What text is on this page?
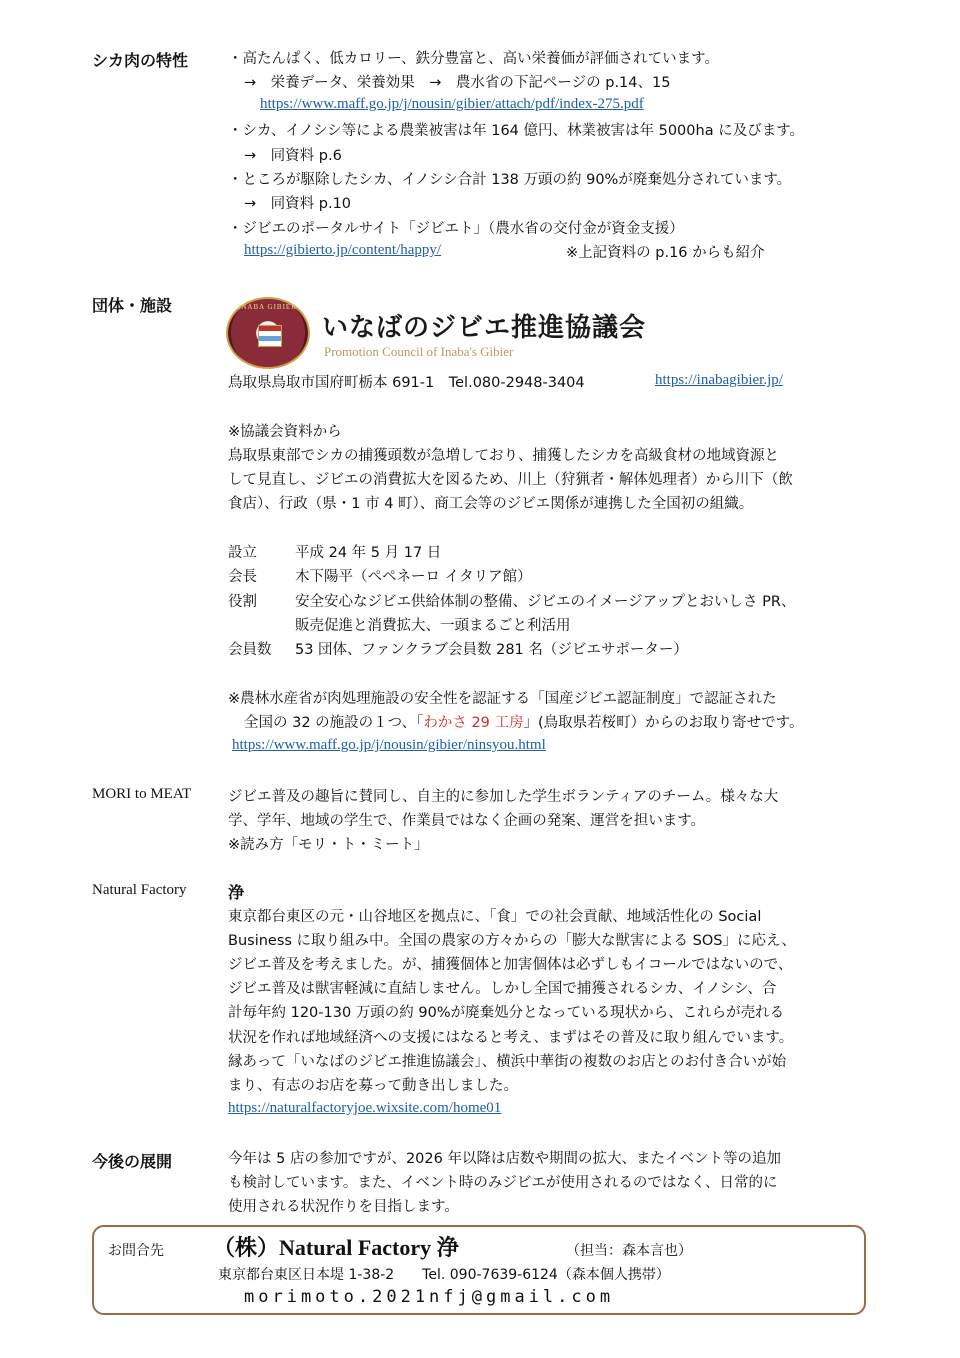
シカ肉の特性	・高たんぱく、低カロリー、鉄分豊富と、高い栄養価が評価されています。
→　栄養データ、栄養効果　→　農水省の下記ページの p.14、15
https://www.maff.go.jp/j/nousin/gibier/attach/pdf/index-275.pdf
・シカ、イノシシ等による農業被害は年 164 億円、林業被害は年 5000ha に及びます。
→　同資料 p.6
・ところが駆除したシカ、イノシシ合計 138 万頭の約 90%が廃棄処分されています。
→　同資料 p.10
・ジビエのポータルサイト「ジビエト」（農水省の交付金が資金支援）
https://gibierto.jp/content/happy/	※上記資料の p.16 からも紹介
団体・施設	INABA GIBIER
いなばのジビエ推進協議会
Promotion Council of Inaba's Gibier
鳥取県鳥取市国府町栃本 691-1　Tel.080-2948-3404	https://inabagibier.jp/
※協議会資料から
鳥取県東部でシカの捕獲頭数が急増しており、捕獲したシカを高級食材の地域資源と
して見直し、ジビエの消費拡大を図るため、川上（狩猟者・解体処理者）から川下（飲
食店）、行政（県・1 市 4 町）、商工会等のジビエ関係が連携した全国初の組織。
設立	平成 24 年 5 月 17 日
会長	木下陽平（ペペネーロ イタリア館）
役割	安全安心なジビエ供給体制の整備、ジビエのイメージアップとおいしさ PR、
販売促進と消費拡大、一頭まるごと利活用
会員数 53 団体、ファンクラブ会員数 281 名（ジビエサポーター）
※農林水産省が肉処理施設の安全性を認証する「国産ジビエ認証制度」で認証された
全国の 32 の施設の１つ、「わかさ 29 工房」(鳥取県若桜町）からのお取り寄せです。
https://www.maff.go.jp/j/nousin/gibier/ninsyou.html
MORI to MEAT	ジビエ普及の趣旨に賛同し、自主的に参加した学生ボランティアのチーム。様々な大
学、学年、地域の学生で、作業員ではなく企画の発案、運営を担います。
※読み方「モリ・ト・ミート」
Natural Factory	浄
東京都台東区の元・山谷地区を拠点に、「食」での社会貢献、地域活性化の Social
Business に取り組み中。全国の農家の方々からの「膨大な獣害による SOS」に応え、
ジビエ普及を考えました。が、捕獲個体と加害個体は必ずしもイコールではないので、
ジビエ普及は獣害軽減に直結しません。しかし全国で捕獲されるシカ、イノシシ、合
計毎年約 120-130 万頭の約 90%が廃棄処分となっている現状から、これらが売れる
状況を作れば地域経済への支援にはなると考え、まずはその普及に取り組んでいます。
縁あって「いなばのジビエ推進協議会」、横浜中華街の複数のお店とのお付き合いが始
まり、有志のお店を募って動き出しました。
https://naturalfactoryjoe.wixsite.com/home01
今後の展開	今年は 5 店の参加ですが、2026 年以降は店数や期間の拡大、またイベント等の追加
も検討しています。また、イベント時のみジビエが使用されるのではなく、日常的に
使用される状況作りを目指します。
お問合先 （株）Natural Factory 浄	（担当：森本言也）
東京都台東区日本堤 1-38-2　　Tel. 090-7639-6124（森本個人携帯）
morimoto.2021nfj@gmail.com
